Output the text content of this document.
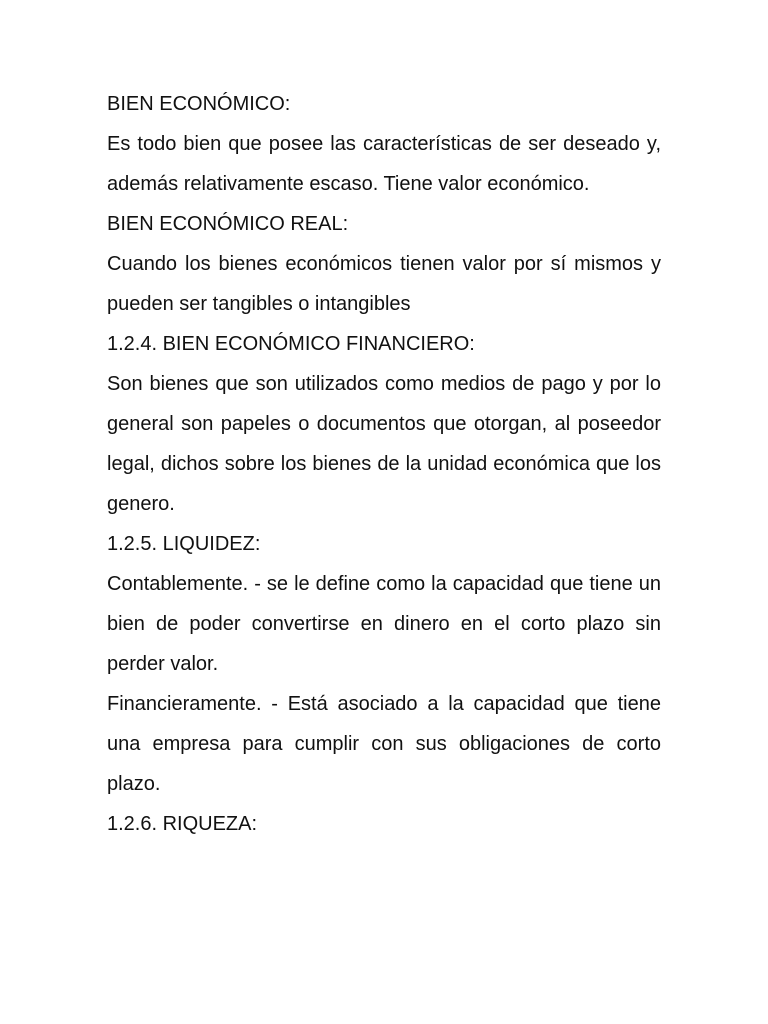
BIEN ECONÓMICO:

Es todo bien que posee las características de ser deseado y, además relativamente escaso. Tiene valor económico.

BIEN ECONÓMICO REAL:

Cuando los bienes económicos tienen valor por sí mismos y pueden ser tangibles o intangibles

1.2.4. BIEN ECONÓMICO FINANCIERO:

Son bienes que son utilizados como medios de pago y por lo general son papeles o documentos que otorgan, al poseedor legal, dichos sobre los bienes de la unidad económica que los genero.

1.2.5. LIQUIDEZ:

Contablemente. - se le define como la capacidad que tiene un bien de poder convertirse en dinero en el corto plazo sin perder valor.

Financieramente. - Está asociado a la capacidad que tiene una empresa para cumplir con sus obligaciones de corto plazo.

1.2.6. RIQUEZA:
